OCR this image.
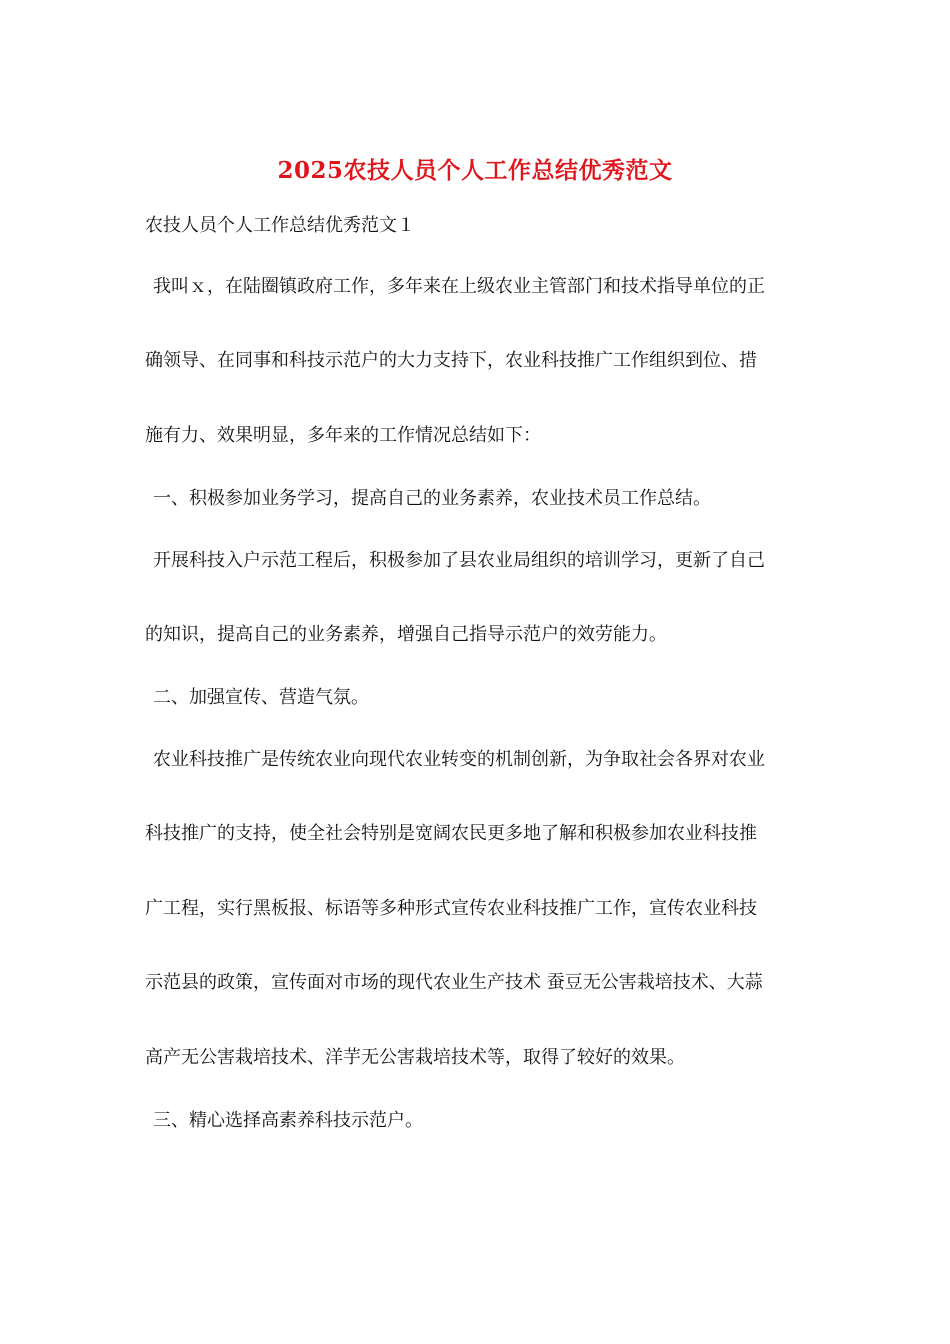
2025农技人员个人工作总结优秀范文

农技人员个人工作总结优秀范文１

我叫ｘ，在陆圈镇政府工作，多年来在上级农业主管部门和技术指导单位的正

确领导、在同事和科技示范户的大力支持下，农业科技推广工作组织到位、措

施有力、效果明显，多年来的工作情况总结如下：

一、积极参加业务学习，提高自己的业务素养，农业技术员工作总结。

开展科技入户示范工程后，积极参加了县农业局组织的培训学习，更新了自己

的知识，提高自己的业务素养，增强自己指导示范户的效劳能力。

二、加强宣传、营造气氛。

农业科技推广是传统农业向现代农业转变的机制创新，为争取社会各界对农业

科技推广的支持，使全社会特别是宽阔农民更多地了解和积极参加农业科技推

广工程，实行黑板报、标语等多种形式宣传农业科技推广工作，宣传农业科技

示范县的政策，宣传面对市场的现代农业生产技术 蚕豆无公害栽培技术、大蒜

高产无公害栽培技术、洋芋无公害栽培技术等，取得了较好的效果。

三、精心选择高素养科技示范户。
